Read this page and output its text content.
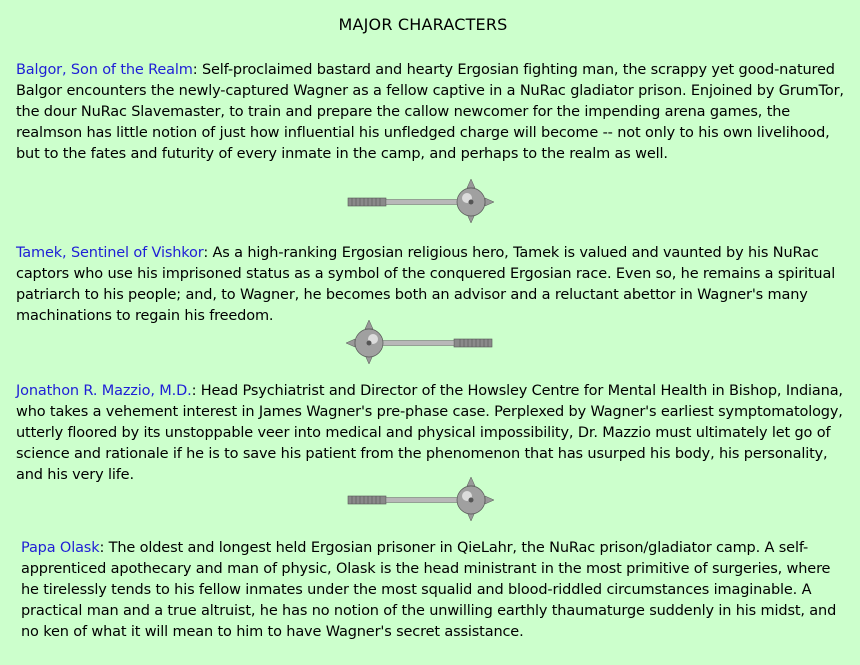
MAJOR CHARACTERS
Balgor, Son of the Realm: Self-proclaimed bastard and hearty Ergosian fighting man, the scrappy yet good-natured Balgor encounters the newly-captured Wagner as a fellow captive in a NuRac gladiator prison. Enjoined by GrumTor, the dour NuRac Slavemaster, to train and prepare the callow newcomer for the impending arena games, the realmson has little notion of just how influential his unfledged charge will become -- not only to his own livelihood, but to the fates and futurity of every inmate in the camp, and perhaps to the realm as well.
Tamek, Sentinel of Vishkor: As a high-ranking Ergosian religious hero, Tamek is valued and vaunted by his NuRac captors who use his imprisoned status as a symbol of the conquered Ergosian race. Even so, he remains a spiritual patriarch to his people; and, to Wagner, he becomes both an advisor and a reluctant abettor in Wagner's many machinations to regain his freedom.
Jonathon R. Mazzio, M.D.: Head Psychiatrist and Director of the Howsley Centre for Mental Health in Bishop, Indiana, who takes a vehement interest in James Wagner's pre-phase case. Perplexed by Wagner's earliest symptomatology, utterly floored by its unstoppable veer into medical and physical impossibility, Dr. Mazzio must ultimately let go of science and rationale if he is to save his patient from the phenomenon that has usurped his body, his personality, and his very life.
Papa Olask: The oldest and longest held Ergosian prisoner in QieLahr, the NuRac prison/gladiator camp. A self-apprenticed apothecary and man of physic, Olask is the head ministrant in the most primitive of surgeries, where he tirelessly tends to his fellow inmates under the most squalid and blood-riddled circumstances imaginable. A practical man and a true altruist, he has no notion of the unwilling earthly thaumaturge suddenly in his midst, and no ken of what it will mean to him to have Wagner's secret assistance.
